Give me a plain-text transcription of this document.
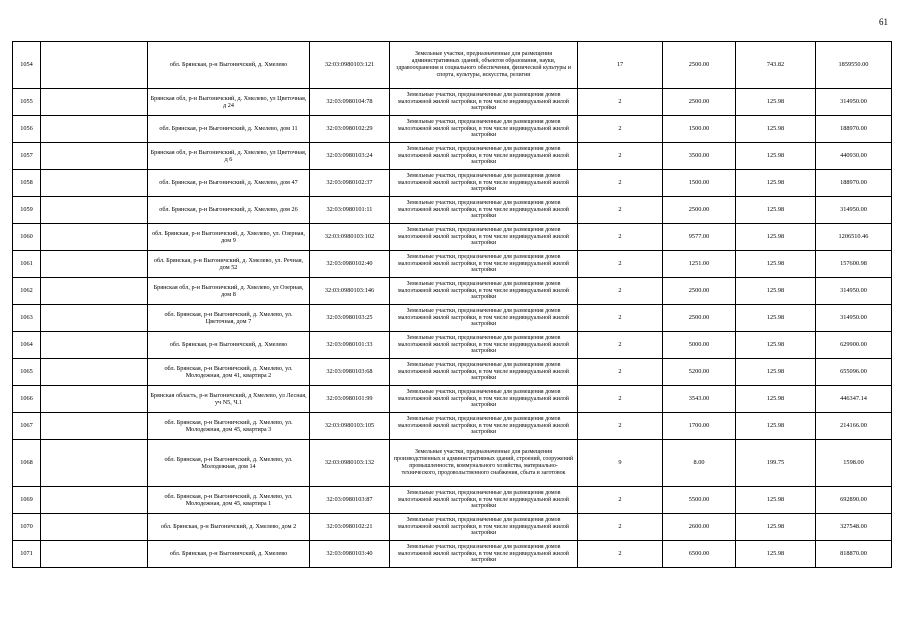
61
1054		обл. Брянская, р-н Выгоничский, д. Хмелево	32:03:0980103:121	Земельные участки, предназначенные для размещения административных зданий, объектов образования, науки, здравоохранения и социального обеспечения, физической культуры и спорта, культуры, искусства, религии	17	2500.00	743.82	1859550.00
1055		Брянская обл, р-н Выгоничский, д. Хмелево, ул Цветочная, д 24	32:03:0980104:78	Земельные участки, предназначенные для размещения домов малоэтажной жилой застройки, в том числе индивидуальной жилой застройки	2	2500.00	125.98	314950.00
1056		обл. Брянская, р-н Выгоничский, д. Хмелево, дом 11	32:03:0980102:29	Земельные участки, предназначенные для размещения домов малоэтажной жилой застройки, в том числе индивидуальной жилой застройки	2	1500.00	125.98	188970.00
1057		Брянская обл, р-н Выгоничский, д. Хмелево, ул Цветочная, д 6	32:03:0980103:24	Земельные участки, предназначенные для размещения домов малоэтажной жилой застройки, в том числе индивидуальной жилой застройки	2	3500.00	125.98	440930.00
1058		обл. Брянская, р-н Выгоничский, д. Хмелево, дом 47	32:03:0980102:37	Земельные участки, предназначенные для размещения домов малоэтажной жилой застройки, в том числе индивидуальной жилой застройки	2	1500.00	125.98	188970.00
1059		обл. Брянская, р-н Выгоничский, д. Хмелево, дом 26	32:03:0980101:11	Земельные участки, предназначенные для размещения домов малоэтажной жилой застройки, в том числе индивидуальной жилой застройки	2	2500.00	125.98	314950.00
1060		обл. Брянская, р-н Выгоничский, д. Хмелево, ул. Озерная, дом 9	32:03:0980103:102	Земельные участки, предназначенные для размещения домов малоэтажной жилой застройки, в том числе индивидуальной жилой застройки	2	9577.00	125.98	1206510.46
1061		обл. Брянская, р-н Выгоничский, д. Хмелево, ул. Речная, дом 52	32:03:0980102:40	Земельные участки, предназначенные для размещения домов малоэтажной жилой застройки, в том числе индивидуальной жилой застройки	2	1251.00	125.98	157600.98
1062		Брянская обл, р-н Выгоничский, д. Хмелево, ул Озерная, дом 8	32:03:0980103:146	Земельные участки, предназначенные для размещения домов малоэтажной жилой застройки, в том числе индивидуальной жилой застройки	2	2500.00	125.98	314950.00
1063		обл. Брянская, р-н Выгоничский, д. Хмелево, ул. Цветочная, дом 7	32:03:0980103:25	Земельные участки, предназначенные для размещения домов малоэтажной жилой застройки, в том числе индивидуальной жилой застройки	2	2500.00	125.98	314950.00
1064		обл. Брянская, р-н Выгоничский, д. Хмелево	32:03:0980101:33	Земельные участки, предназначенные для размещения домов малоэтажной жилой застройки, в том числе индивидуальной жилой застройки	2	5000.00	125.98	629900.00
1065		обл. Брянская, р-н Выгоничский, д. Хмелево, ул. Молодежная, дом 41, квартира 2	32:03:0980103:68	Земельные участки, предназначенные для размещения домов малоэтажной жилой застройки, в том числе индивидуальной жилой застройки	2	5200.00	125.98	655096.00
1066		Брянская область, р-н Выгоничский, д Хмелево, ул Лесная, уч N5, Ч.1	32:03:0980101:99	Земельные участки, предназначенные для размещения домов малоэтажной жилой застройки, в том числе индивидуальной жилой застройки	2	3543.00	125.98	446347.14
1067		обл. Брянская, р-н Выгоничский, д. Хмелево, ул. Молодежная, дом 45, квартира 3	32:03:0980103:105	Земельные участки, предназначенные для размещения домов малоэтажной жилой застройки, в том числе индивидуальной жилой застройки	2	1700.00	125.98	214166.00
1068		обл. Брянская, р-н Выгоничский, д. Хмелево, ул. Молодежная, дом 14	32:03:0980103:132	Земельные участки, предназначенные для размещения производственных и административных зданий, строений, сооружений промышленности, коммунального хозяйства, материально-технического, продовольственного снабжения, сбыта и заготовок	9	8.00	199.75	1598.00
1069		обл. Брянская, р-н Выгоничский, д. Хмелево, ул. Молодежная, дом 45, квартира 1	32:03:0980103:87	Земельные участки, предназначенные для размещения домов малоэтажной жилой застройки, в том числе индивидуальной жилой застройки	2	5500.00	125.98	692890.00
1070		обл. Брянская, р-н Выгоничский, д. Хмелево, дом 2	32:03:0980102:21	Земельные участки, предназначенные для размещения домов малоэтажной жилой застройки, в том числе индивидуальной жилой застройки	2	2600.00	125.98	327548.00
1071		обл. Брянская, р-н Выгоничский, д. Хмелево	32:03:0980103:40	Земельные участки, предназначенные для размещения домов малоэтажной жилой застройки, в том числе индивидуальной жилой застройки	2	6500.00	125.98	818870.00
